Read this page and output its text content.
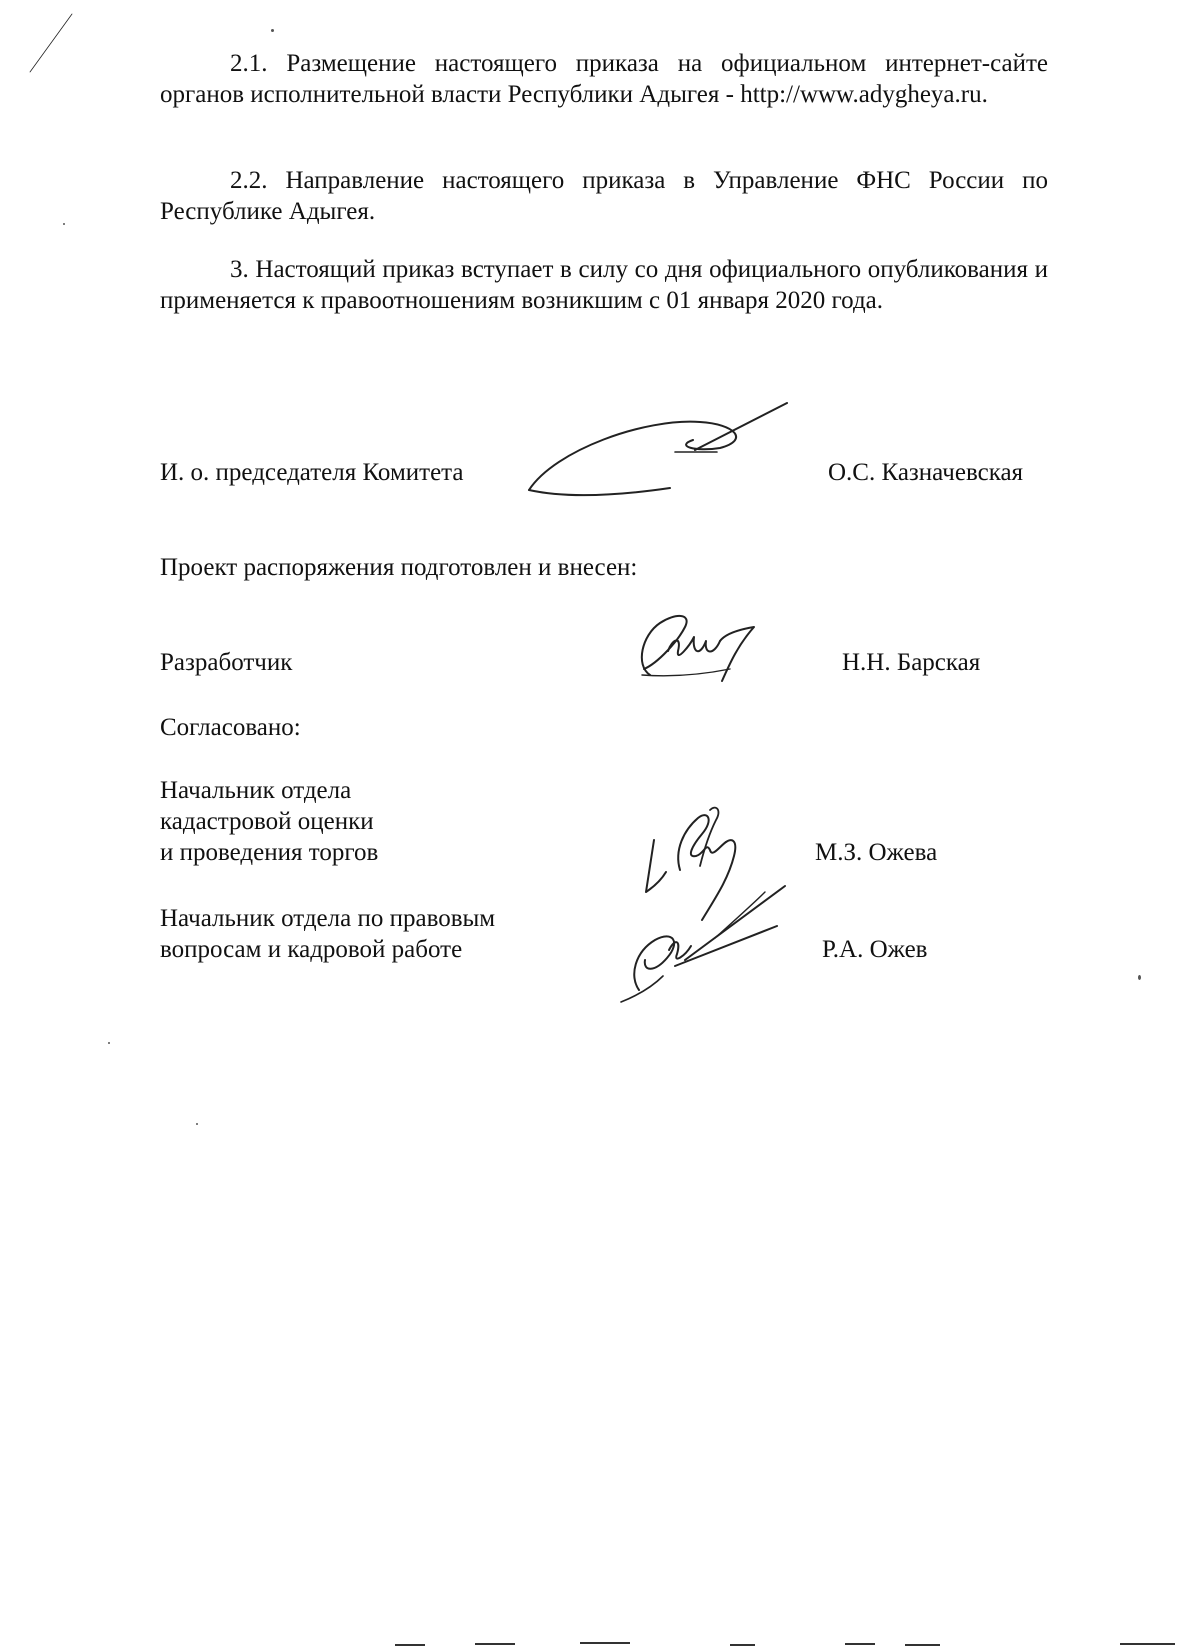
2.1. Размещение настоящего приказа на официальном интернет-сайте органов исполнительной власти Республики Адыгея - http://www.adygheya.ru.

2.2. Направление настоящего приказа в Управление ФНС России по Республике Адыгея.

3. Настоящий приказ вступает в силу со дня официального опубликования и применяется к правоотношениям возникшим с 01 января 2020 года.

И. о. председателя Комитета	О.С. Казначевская
Проект распоряжения подготовлен и внесен:
Разработчик	Н.Н. Барская
Согласовано:
Начальник отдела
кадастровой оценки
и проведения торгов	М.З. Ожева
Начальник отдела по правовым
вопросам и кадровой работе	Р.А. Ожев
